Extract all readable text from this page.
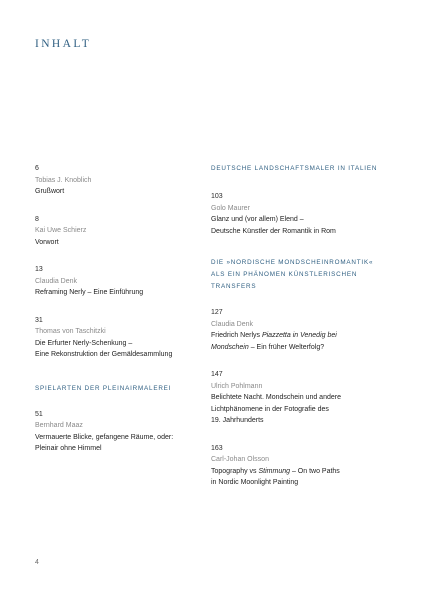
INHALT
6
Tobias J. Knoblich
Grußwort
8
Kai Uwe Schierz
Vorwort
13
Claudia Denk
Reframing Nerly – Eine Einführung
31
Thomas von Taschitzki
Die Erfurter Nerly-Schenkung –
Eine Rekonstruktion der Gemäldesammlung
SPIELARTEN DER PLEINAIRMALEREI
51
Bernhard Maaz
Vermauerte Blicke, gefangene Räume, oder:
Pleinair ohne Himmel
DEUTSCHE LANDSCHAFTSMALER IN ITALIEN
103
Golo Maurer
Glanz und (vor allem) Elend –
Deutsche Künstler der Romantik in Rom
DIE »NORDISCHE MONDSCHEINROMANTIK«
ALS EIN PHÄNOMEN KÜNSTLERISCHEN
TRANSFERS
127
Claudia Denk
Friedrich Nerlys Piazzetta in Venedig bei
Mondschein – Ein früher Welterfolg?
147
Ulrich Pohlmann
Belichtete Nacht. Mondschein und andere
Lichtphänomene in der Fotografie des
19. Jahrhunderts
163
Carl-Johan Olsson
Topography vs Stimmung – On two Paths
in Nordic Moonlight Painting
4
